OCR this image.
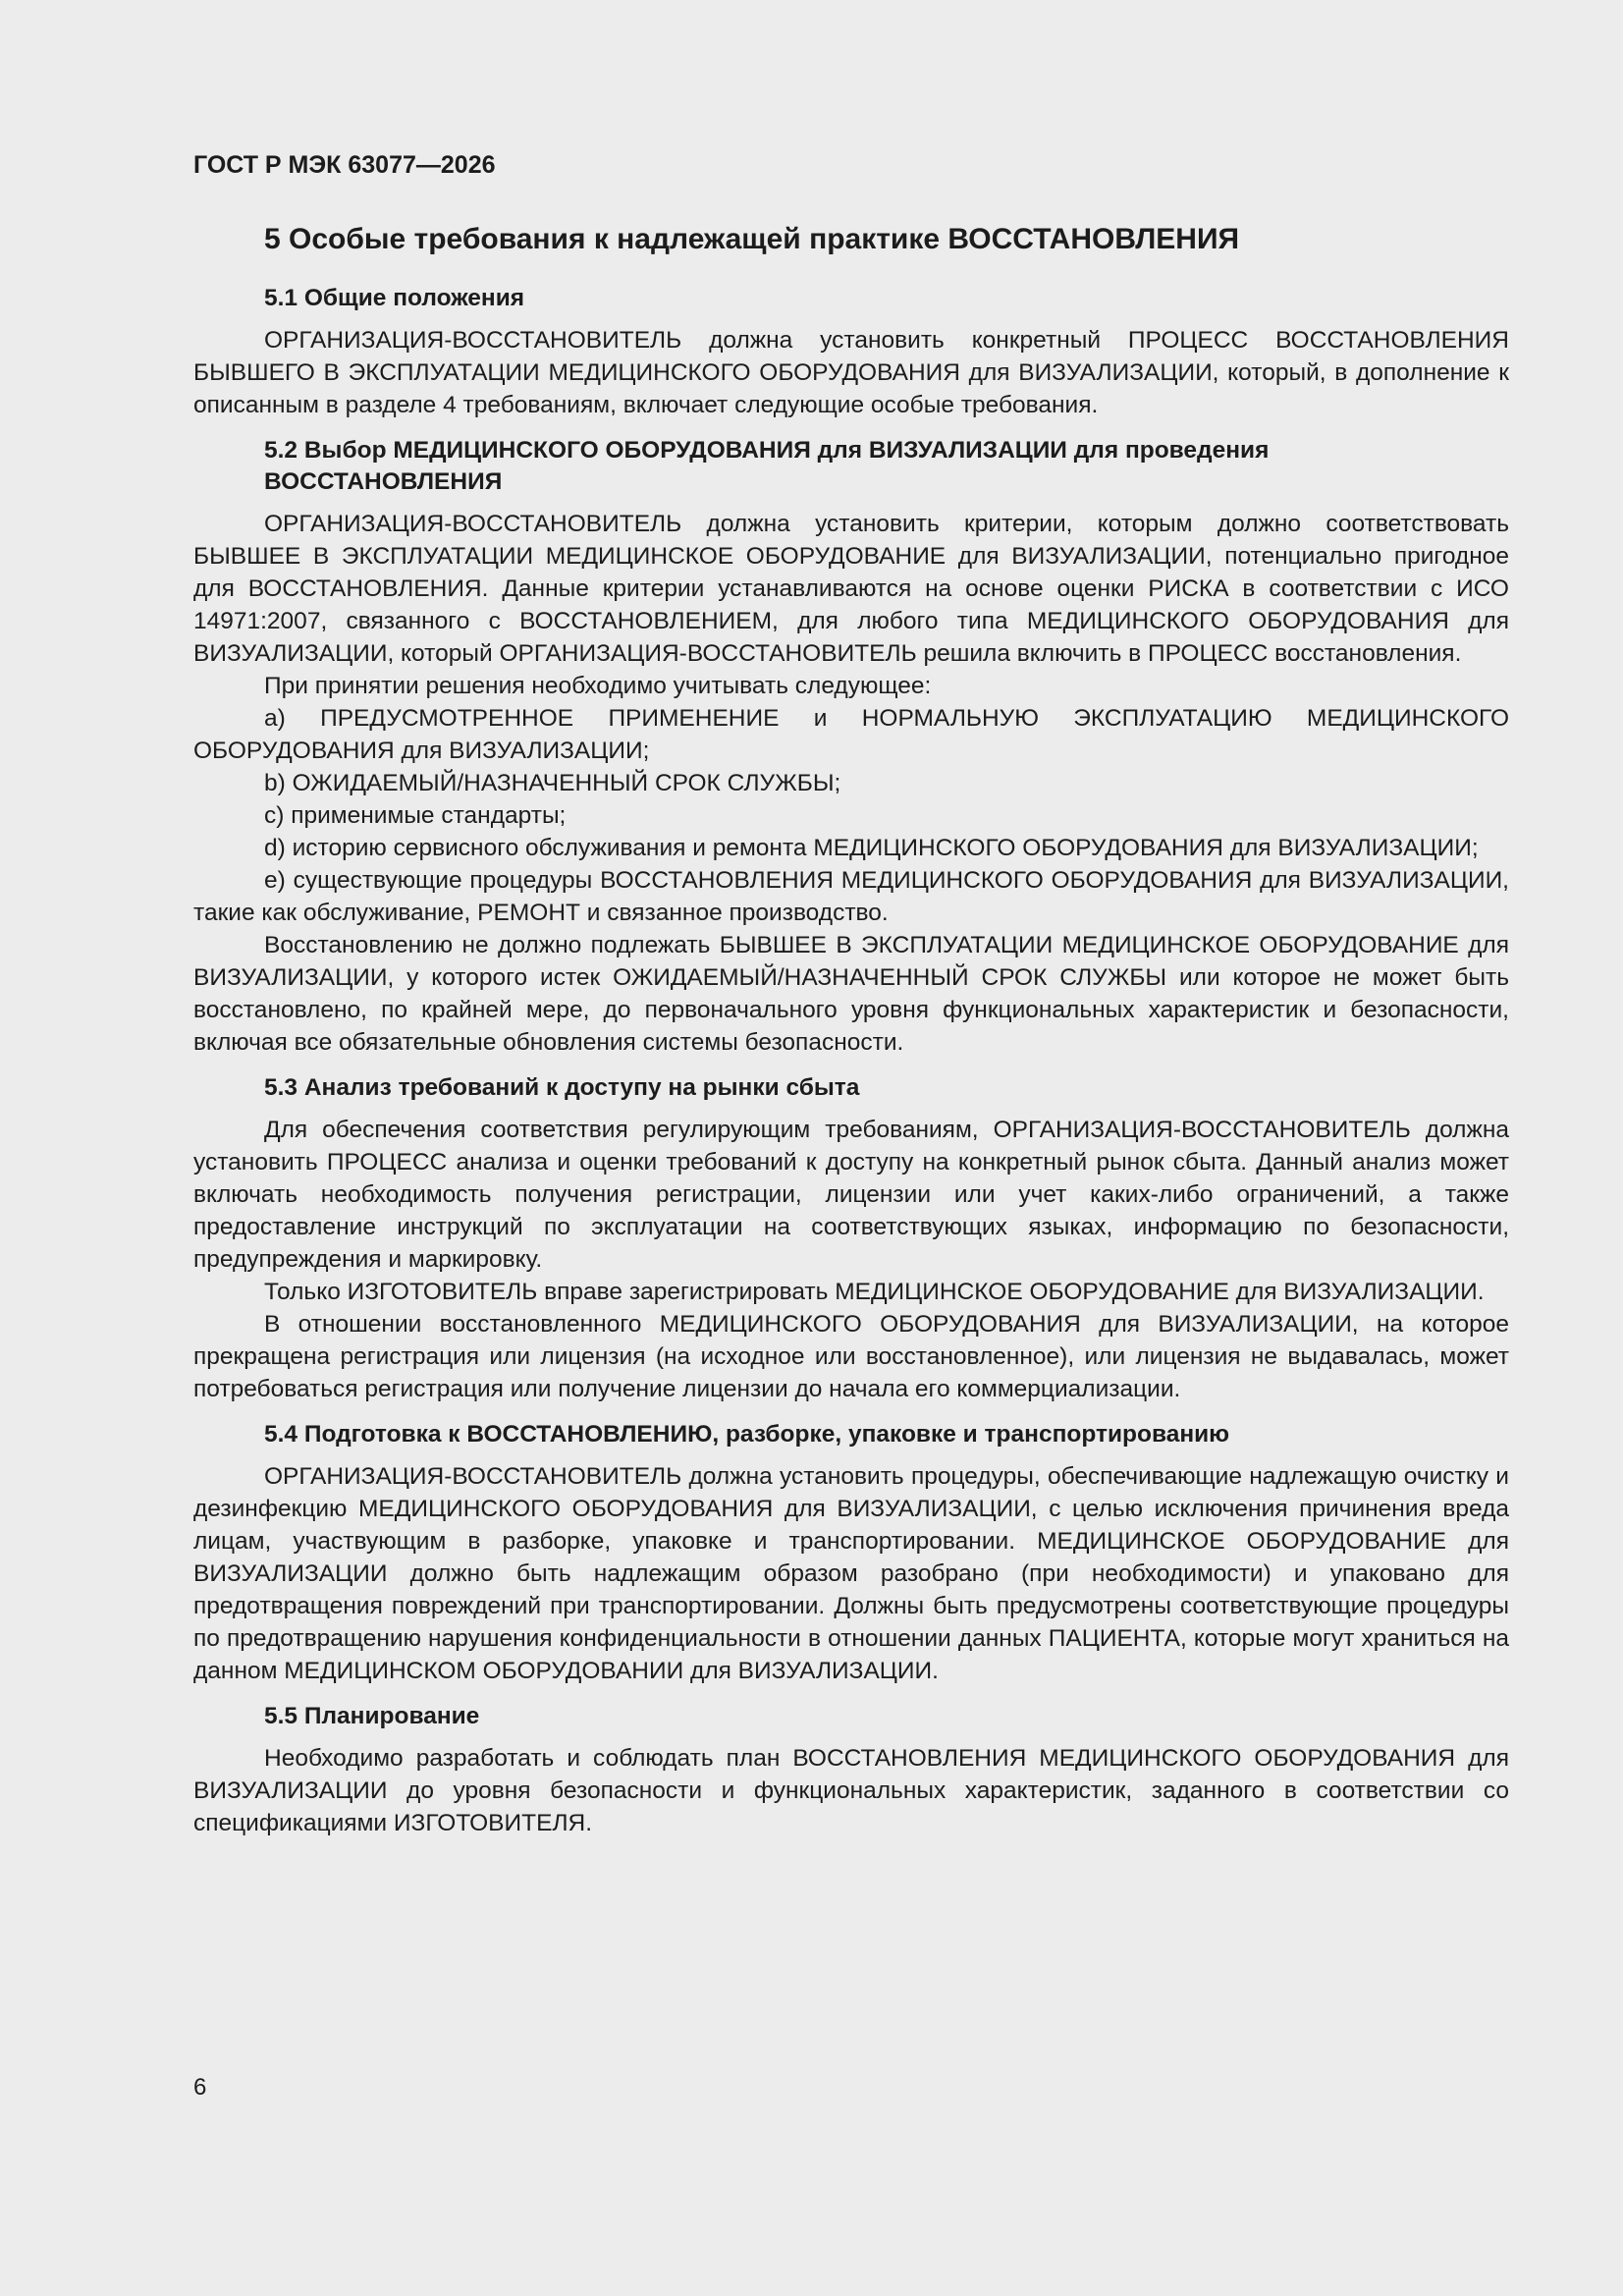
ГОСТ Р МЭК 63077—2026

5 Особые требования к надлежащей практике ВОССТАНОВЛЕНИЯ
5.1 Общие положения

ОРГАНИЗАЦИЯ-ВОССТАНОВИТЕЛЬ должна установить конкретный ПРОЦЕСС ВОССТАНОВЛЕНИЯ БЫВШЕГО В ЭКСПЛУАТАЦИИ МЕДИЦИНСКОГО ОБОРУДОВАНИЯ для ВИЗУАЛИЗАЦИИ, который, в дополнение к описанным в разделе 4 требованиям, включает следующие особые требования.

5.2 Выбор МЕДИЦИНСКОГО ОБОРУДОВАНИЯ для ВИЗУАЛИЗАЦИИ для проведения ВОССТАНОВЛЕНИЯ

ОРГАНИЗАЦИЯ-ВОССТАНОВИТЕЛЬ должна установить критерии, которым должно соответствовать БЫВШЕЕ В ЭКСПЛУАТАЦИИ МЕДИЦИНСКОЕ ОБОРУДОВАНИЕ для ВИЗУАЛИЗАЦИИ, потенциально пригодное для ВОССТАНОВЛЕНИЯ. Данные критерии устанавливаются на основе оценки РИСКА в соответствии с ИСО 14971:2007, связанного с ВОССТАНОВЛЕНИЕМ, для любого типа МЕДИЦИНСКОГО ОБОРУДОВАНИЯ для ВИЗУАЛИЗАЦИИ, который ОРГАНИЗАЦИЯ-ВОССТАНОВИТЕЛЬ решила включить в ПРОЦЕСС восстановления.

При принятии решения необходимо учитывать следующее:

a) ПРЕДУСМОТРЕННОЕ ПРИМЕНЕНИЕ и НОРМАЛЬНУЮ ЭКСПЛУАТАЦИЮ МЕДИЦИНСКОГО ОБОРУДОВАНИЯ для ВИЗУАЛИЗАЦИИ;

b) ОЖИДАЕМЫЙ/НАЗНАЧЕННЫЙ СРОК СЛУЖБЫ;

c) применимые стандарты;

d) историю сервисного обслуживания и ремонта МЕДИЦИНСКОГО ОБОРУДОВАНИЯ для ВИЗУАЛИЗАЦИИ;

e) существующие процедуры ВОССТАНОВЛЕНИЯ МЕДИЦИНСКОГО ОБОРУДОВАНИЯ для ВИЗУАЛИЗАЦИИ, такие как обслуживание, РЕМОНТ и связанное производство.

Восстановлению не должно подлежать БЫВШЕЕ В ЭКСПЛУАТАЦИИ МЕДИЦИНСКОЕ ОБОРУДОВАНИЕ для ВИЗУАЛИЗАЦИИ, у которого истек ОЖИДАЕМЫЙ/НАЗНАЧЕННЫЙ СРОК СЛУЖБЫ или которое не может быть восстановлено, по крайней мере, до первоначального уровня функциональных характеристик и безопасности, включая все обязательные обновления системы безопасности.

5.3 Анализ требований к доступу на рынки сбыта

Для обеспечения соответствия регулирующим требованиям, ОРГАНИЗАЦИЯ-ВОССТАНОВИТЕЛЬ должна установить ПРОЦЕСС анализа и оценки требований к доступу на конкретный рынок сбыта. Данный анализ может включать необходимость получения регистрации, лицензии или учет каких-либо ограничений, а также предоставление инструкций по эксплуатации на соответствующих языках, информацию по безопасности, предупреждения и маркировку.

Только ИЗГОТОВИТЕЛЬ вправе зарегистрировать МЕДИЦИНСКОЕ ОБОРУДОВАНИЕ для ВИЗУАЛИЗАЦИИ.

В отношении восстановленного МЕДИЦИНСКОГО ОБОРУДОВАНИЯ для ВИЗУАЛИЗАЦИИ, на которое прекращена регистрация или лицензия (на исходное или восстановленное), или лицензия не выдавалась, может потребоваться регистрация или получение лицензии до начала его коммерциализации.

5.4 Подготовка к ВОССТАНОВЛЕНИЮ, разборке, упаковке и транспортированию

ОРГАНИЗАЦИЯ-ВОССТАНОВИТЕЛЬ должна установить процедуры, обеспечивающие надлежащую очистку и дезинфекцию МЕДИЦИНСКОГО ОБОРУДОВАНИЯ для ВИЗУАЛИЗАЦИИ, с целью исключения причинения вреда лицам, участвующим в разборке, упаковке и транспортировании. МЕДИЦИНСКОЕ ОБОРУДОВАНИЕ для ВИЗУАЛИЗАЦИИ должно быть надлежащим образом разобрано (при необходимости) и упаковано для предотвращения повреждений при транспортировании. Должны быть предусмотрены соответствующие процедуры по предотвращению нарушения конфиденциальности в отношении данных ПАЦИЕНТА, которые могут храниться на данном МЕДИЦИНСКОМ ОБОРУДОВАНИИ для ВИЗУАЛИЗАЦИИ.

5.5 Планирование

Необходимо разработать и соблюдать план ВОССТАНОВЛЕНИЯ МЕДИЦИНСКОГО ОБОРУДОВАНИЯ для ВИЗУАЛИЗАЦИИ до уровня безопасности и функциональных характеристик, заданного в соответствии со спецификациями ИЗГОТОВИТЕЛЯ.

6
